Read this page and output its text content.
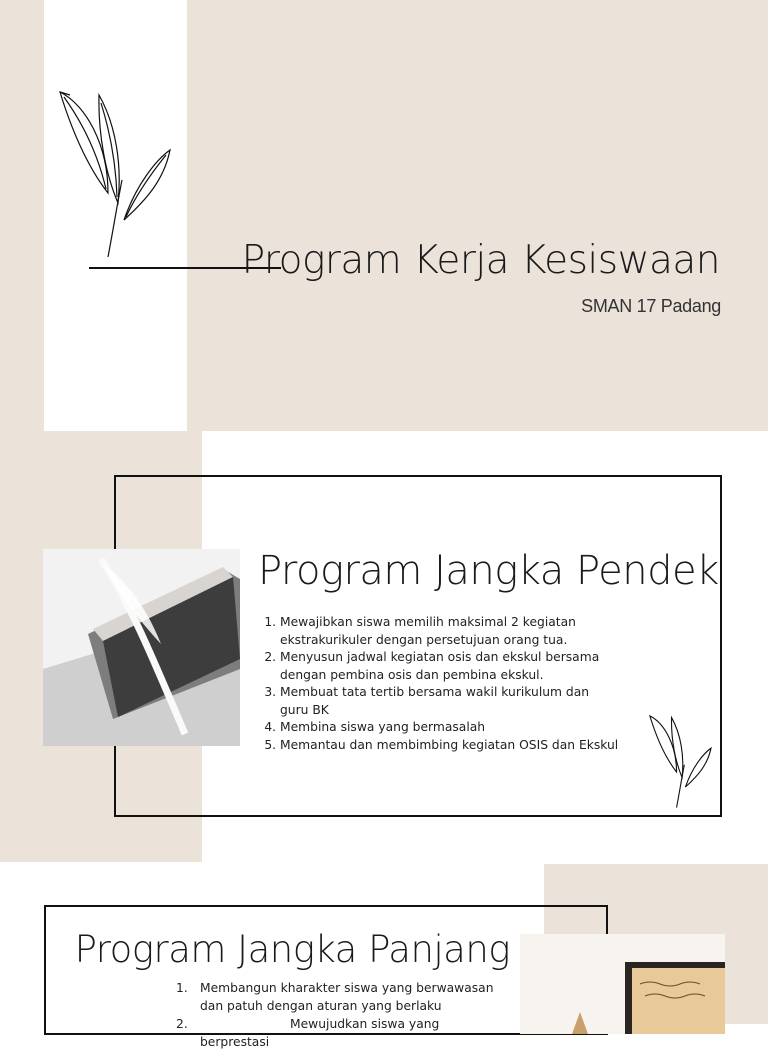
Program Kerja Kesiswaan
SMAN 17 Padang
Program Jangka Pendek
1. Mewajibkan siswa memilih maksimal 2 kegiatan ekstrakurikuler dengan persetujuan orang tua.
2. Menyusun jadwal kegiatan osis dan ekskul bersama dengan pembina osis dan pembina ekskul.
3. Membuat tata tertib bersama wakil kurikulum dan guru BK
4. Membina siswa yang bermasalah
5. Memantau dan membimbing kegiatan OSIS dan Ekskul
Program Jangka Panjang
1. Membangun kharakter siswa yang berwawasan dan patuh dengan aturan yang berlaku
2.	Mewujudkan siswa yang berprestasi
